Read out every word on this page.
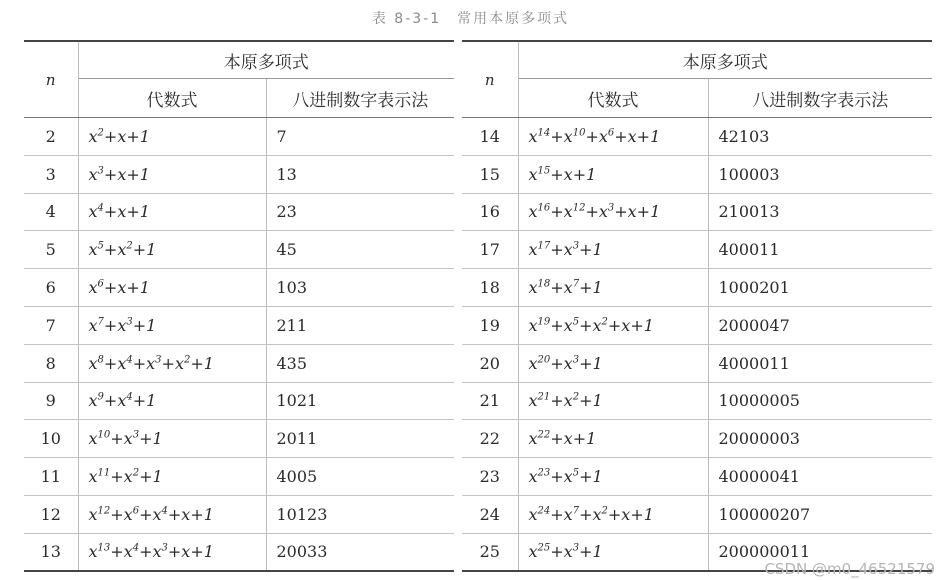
表 8-3-1　常用本原多项式
n	本原多项式	
	代数式	八进制数字表示法
2	$x^2+x+1$	7
3	$x^3+x+1$	13
4	$x^4+x+1$	23
5	$x^5+x^2+1$	45
6	$x^6+x+1$	103
7	$x^7+x^3+1$	211
8	$x^8+x^4+x^3+x^2+1$	435
9	$x^9+x^4+1$	1021
10	$x^{10}+x^3+1$	2011
11	$x^{11}+x^2+1$	4005
12	$x^{12}+x^6+x^4+x+1$	10123
13	$x^{13}+x^4+x^3+x+1$	20033
n	本原多项式	
	代数式	八进制数字表示法
14	$x^{14}+x^{10}+x^6+x+1$	42103
15	$x^{15}+x+1$	100003
16	$x^{16}+x^{12}+x^3+x+1$	210013
17	$x^{17}+x^3+1$	400011
18	$x^{18}+x^7+1$	1000201
19	$x^{19}+x^5+x^2+x+1$	2000047
20	$x^{20}+x^3+1$	4000011
21	$x^{21}+x^2+1$	10000005
22	$x^{22}+x+1$	20000003
23	$x^{23}+x^5+1$	40000041
24	$x^{24}+x^7+x^2+x+1$	100000207
25	$x^{25}+x^3+1$	200000011
CSDN @m0_46521579
